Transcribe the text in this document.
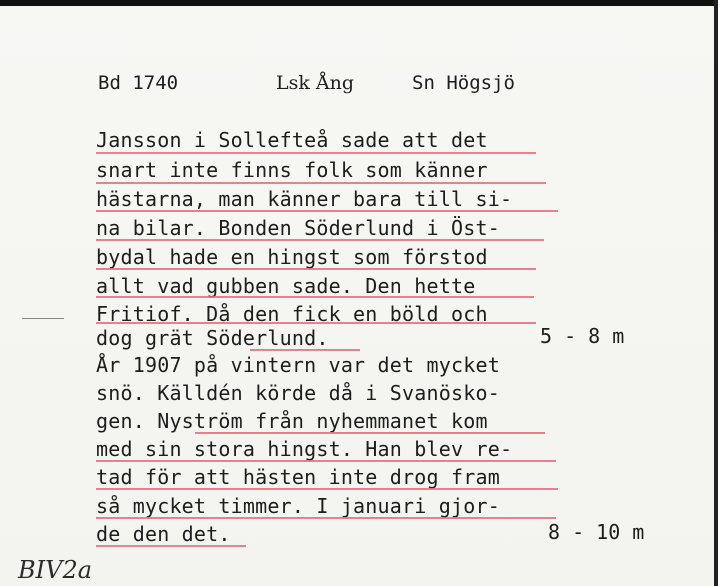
Bd 1740	Lsk Ång	Sn Högsjö
Jansson i Sollefteå sade att det
snart inte finns folk som känner
hästarna, man känner bara till si-
na bilar. Bonden Söderlund i Öst-
bydal hade en hingst som förstod
allt vad gubben sade. Den hette
Fritiof. Då den fick en böld och
dog grät Söderlund.
År 1907 på vintern var det mycket
snö. Källdén körde då i Svanösko-
gen. Nyström från nyhemmanet kom
med sin stora hingst. Han blev re-
tad för att hästen inte drog fram
så mycket timmer. I januari gjor-
de den det.
5 - 8 m
8 - 10 m
BIV2a
